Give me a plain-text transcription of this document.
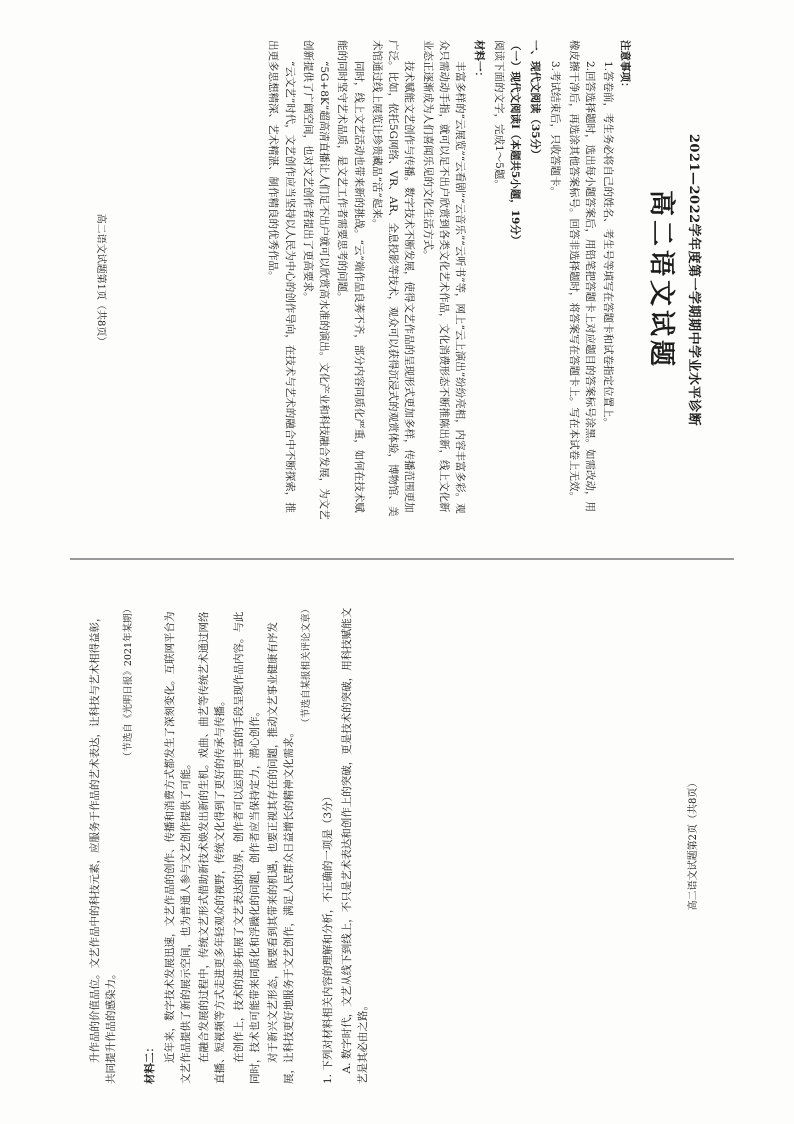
2021—2022学年度第一学期期中学业水平诊断
高二语文试题
注意事项：

1.答卷前，考生务必将自己的姓名、考生号等填写在答题卡和试卷指定位置上。

2.回答选择题时，选出每小题答案后，用铅笔把答题卡上对应题目的答案标号涂黑。如需改动，用橡皮擦干净后，再选涂其他答案标号。回答非选择题时，将答案写在答题卡上。写在本试卷上无效。

3.考试结束后，只收答题卡。

一、现代文阅读（35分）
（一）现代文阅读Ⅰ（本题共5小题，19分）

阅读下面的文字，完成1～5题。

材料一：

丰富多样的“云展览”“云看剧”“云音乐”“云听书”等，网上“云上演出”纷纷亮相，内容丰富多彩。观众只需动动手指，就可以足不出户欣赏到各类文化艺术作品，文化消费形态不断推陈出新，线上文化新业态正逐渐成为人们喜闻乐见的文化生活方式。

技术赋能文艺创作与传播。数字技术不断发展，使得文艺作品的呈现形式更加多样，传播范围更加广泛。比如，依托5G网络、VR、AR、全息投影等技术，观众可以获得沉浸式的观赏体验，博物馆、美术馆通过线上展览让珍贵藏品“活”起来。

同时，线上文艺活动也带来新的挑战。“云”端作品良莠不齐，部分内容同质化严重，如何在技术赋能的同时坚守艺术品质，是文艺工作者需要思考的问题。

“5G+8K”超高清直播让人们足不出户就可以欣赏高水准的演出。文化产业和科技融合发展，为文艺创新提供了广阔空间，也对文艺创作者提出了更高要求。

“云文艺”时代，文艺创作应当坚持以人民为中心的创作导向，在技术与艺术的融合中不断探索，推出更多思想精深、艺术精湛、制作精良的优秀作品。

高二语文试题第1页（共8页）

升作品的价值品位。文艺作品中的科技元素，应服务于作品的艺术表达，让科技与艺术相得益彰，共同提升作品的感染力。

（节选自《光明日报》2021年某期）

材料二： 近年来，数字技术发展迅速，文艺作品的创作、传播和消费方式都发生了深刻变化。互联网平台为文艺作品提供了新的展示空间，也为普通人参与文艺创作提供了可能。 在融合发展的过程中，传统文艺形式借助新技术焕发出新的生机。戏曲、曲艺等传统艺术通过网络直播、短视频等方式走进更多年轻观众的视野，传统文化得到了更好的传承与传播。 在创作上，技术的进步拓展了文艺表达的边界，创作者可以运用更丰富的手段呈现作品内容。与此同时，技术也可能带来同质化和浮躁化的问题，创作者应当保持定力，潜心创作。 对于新兴文艺形态，既要看到其带来的机遇，也要正视其存在的问题，推动文艺事业健康有序发展，让科技更好地服务于文艺创作，满足人民群众日益增长的精神文化需求。

（节选自某报相关评论文章）

1. 下列对材料相关内容的理解和分析，不正确的一项是（3分） A. 数字时代，文艺从线下到线上，不只是艺术表达和创作上的突破，更是技术的突破，用科技赋能文艺是其必由之路。

高二语文试题第2页（共8页）
